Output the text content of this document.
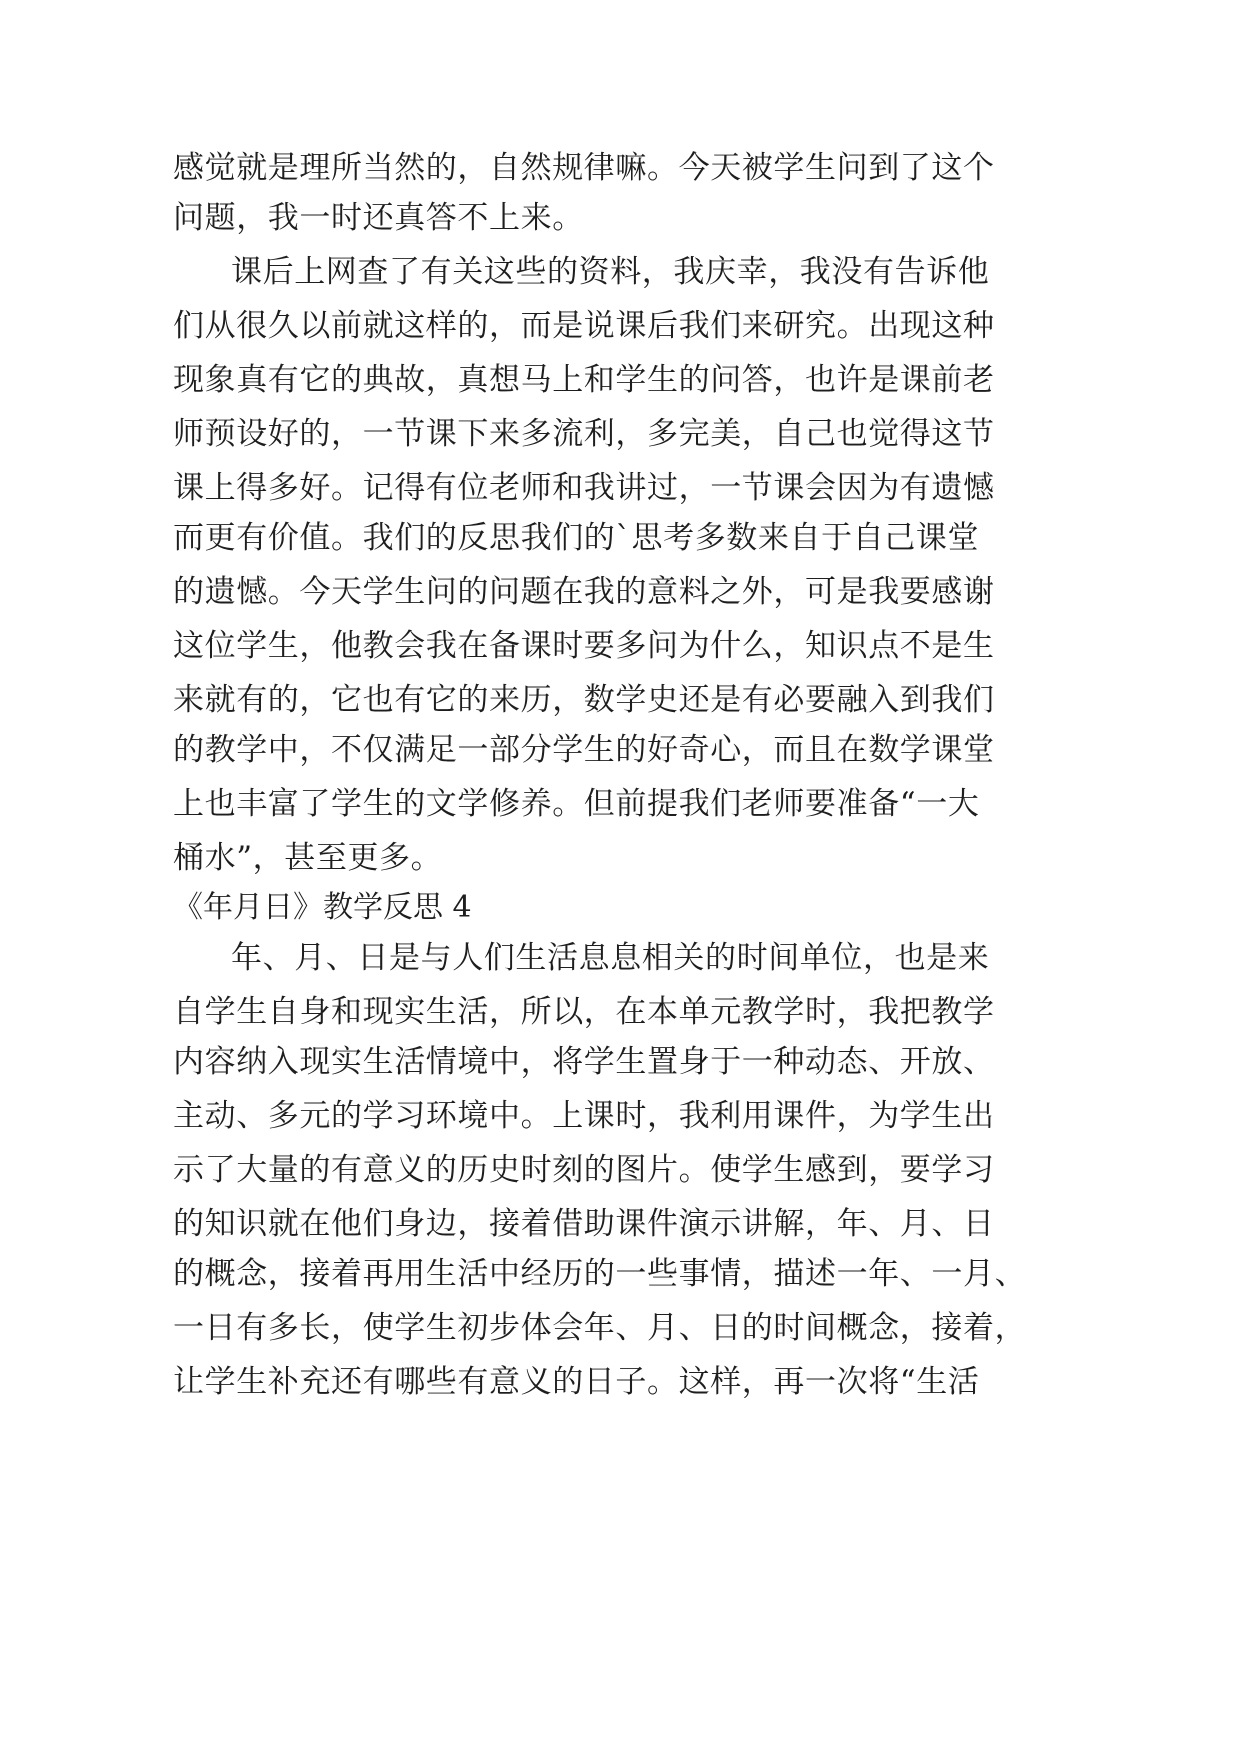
感觉就是理所当然的，自然规律嘛。今天被学生问到了这个
问题，我一时还真答不上来。
课后上网查了有关这些的资料，我庆幸，我没有告诉他
们从很久以前就这样的，而是说课后我们来研究。出现这种
现象真有它的典故，真想马上和学生的问答，也许是课前老
师预设好的，一节课下来多流利，多完美，自己也觉得这节
课上得多好。记得有位老师和我讲过，一节课会因为有遗憾
而更有价值。我们的反思我们的`思考多数来自于自己课堂
的遗憾。今天学生问的问题在我的意料之外，可是我要感谢
这位学生，他教会我在备课时要多问为什么，知识点不是生
来就有的，它也有它的来历，数学史还是有必要融入到我们
的教学中，不仅满足一部分学生的好奇心，而且在数学课堂
上也丰富了学生的文学修养。但前提我们老师要准备“一大
桶水”，甚至更多。
《年月日》教学反思 4
年、月、日是与人们生活息息相关的时间单位，也是来
自学生自身和现实生活，所以，在本单元教学时，我把教学
内容纳入现实生活情境中，将学生置身于一种动态、开放、
主动、多元的学习环境中。上课时，我利用课件，为学生出
示了大量的有意义的历史时刻的图片。使学生感到，要学习
的知识就在他们身边，接着借助课件演示讲解，年、月、日
的概念，接着再用生活中经历的一些事情，描述一年、一月、
一日有多长，使学生初步体会年、月、日的时间概念，接着，
让学生补充还有哪些有意义的日子。这样，再一次将“生活
